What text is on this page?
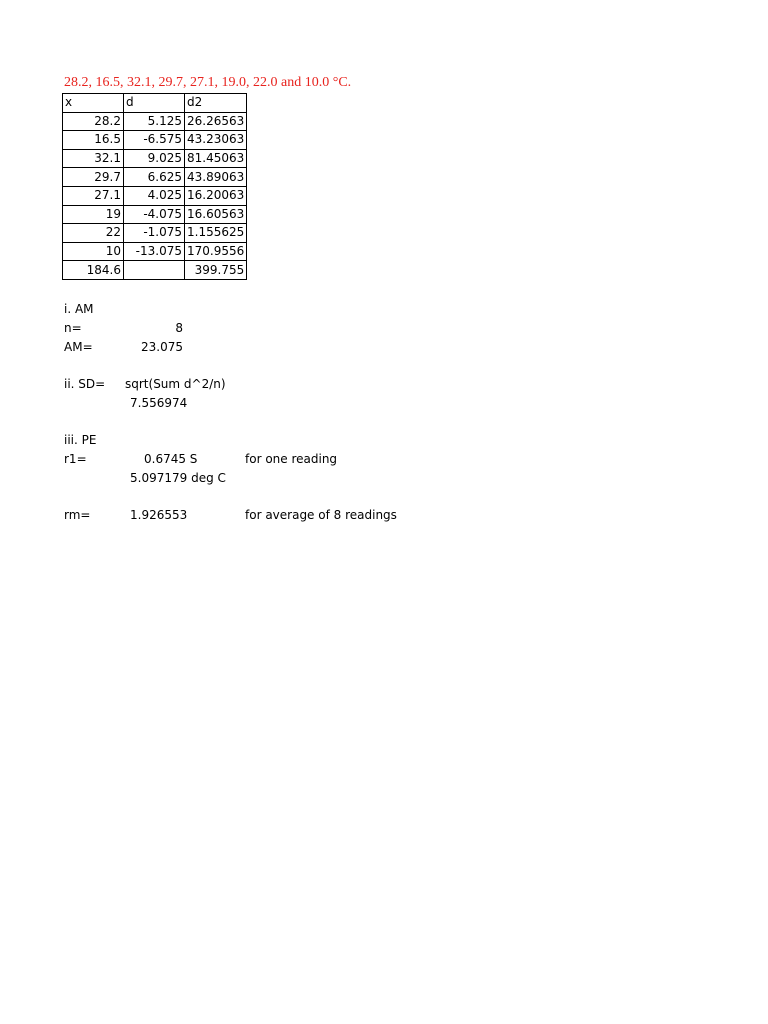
28.2, 16.5, 32.1, 29.7, 27.1, 19.0, 22.0 and 10.0 °C.
x	d	d2
28.2	5.125	26.26563
16.5	-6.575	43.23063
32.1	9.025	81.45063
29.7	6.625	43.89063
27.1	4.025	16.20063
19	-4.075	16.60563
22	-1.075	1.155625
10	-13.075	170.9556
184.6		399.755
i. AM
n=	8
AM=	23.075
ii. SD= sqrt(Sum d^2/n)
7.556974
iii. PE
r1=	0.6745 S	for one reading
5.097179 deg C
rm=	1.926553	for average of 8 readings
